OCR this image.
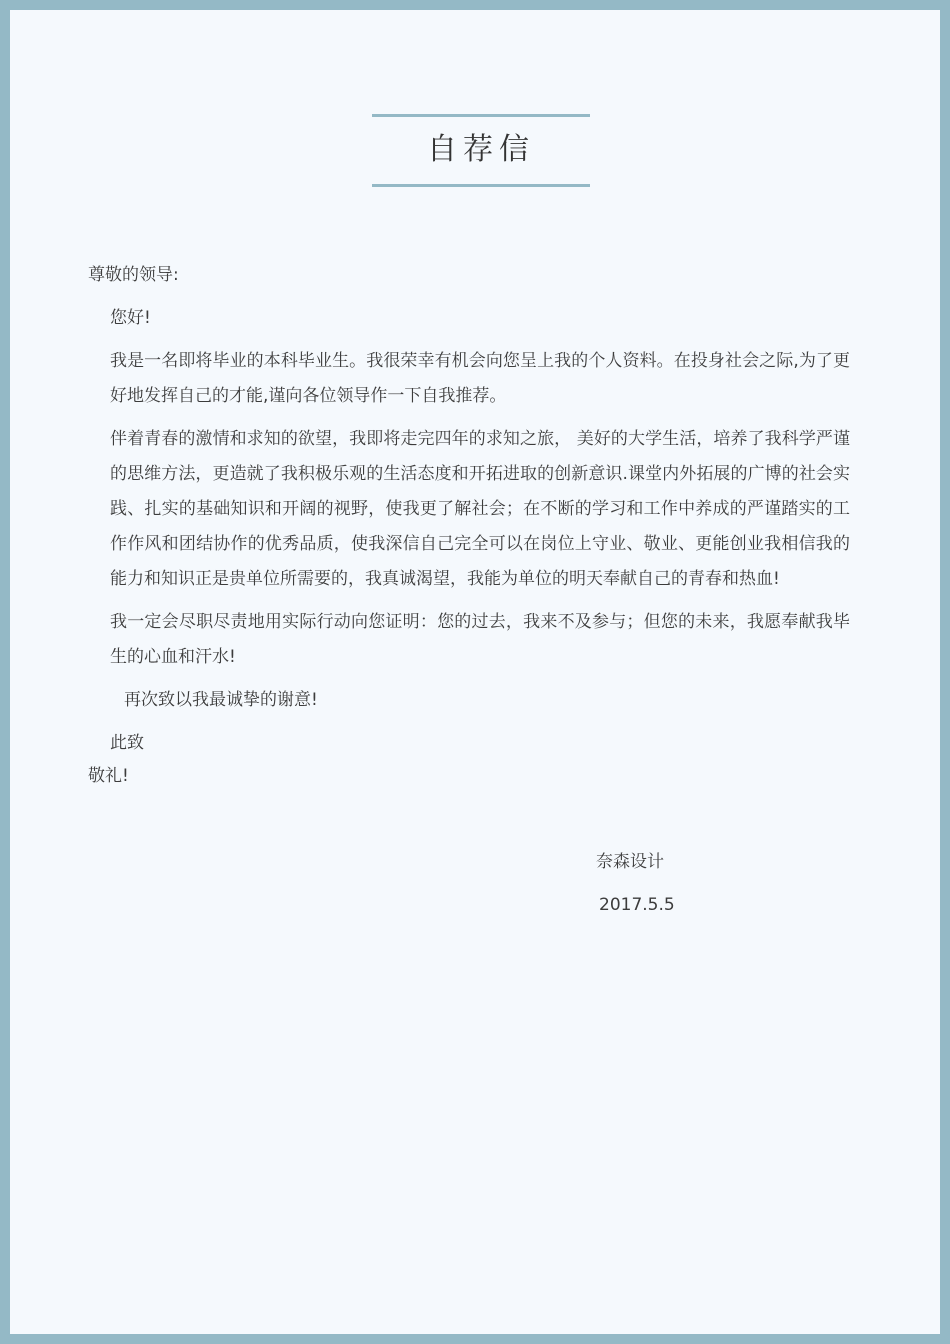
自荐信

尊敬的领导:

您好!

我是一名即将毕业的本科毕业生。我很荣幸有机会向您呈上我的个人资料。在投身社会之际,为了更好地发挥自己的才能,谨向各位领导作一下自我推荐。

伴着青春的激情和求知的欲望，我即将走完四年的求知之旅， 美好的大学生活，培养了我科学严谨的思维方法，更造就了我积极乐观的生活态度和开拓进取的创新意识.课堂内外拓展的广博的社会实践、扎实的基础知识和开阔的视野，使我更了解社会；在不断的学习和工作中养成的严谨踏实的工作作风和团结协作的优秀品质，使我深信自己完全可以在岗位上守业、敬业、更能创业我相信我的能力和知识正是贵单位所需要的，我真诚渴望，我能为单位的明天奉献自己的青春和热血!

我一定会尽职尽责地用实际行动向您证明：您的过去，我来不及参与；但您的未来，我愿奉献我毕生的心血和汗水!

再次致以我最诚挚的谢意!

此致

敬礼!

奈森设计
2017.5.5
